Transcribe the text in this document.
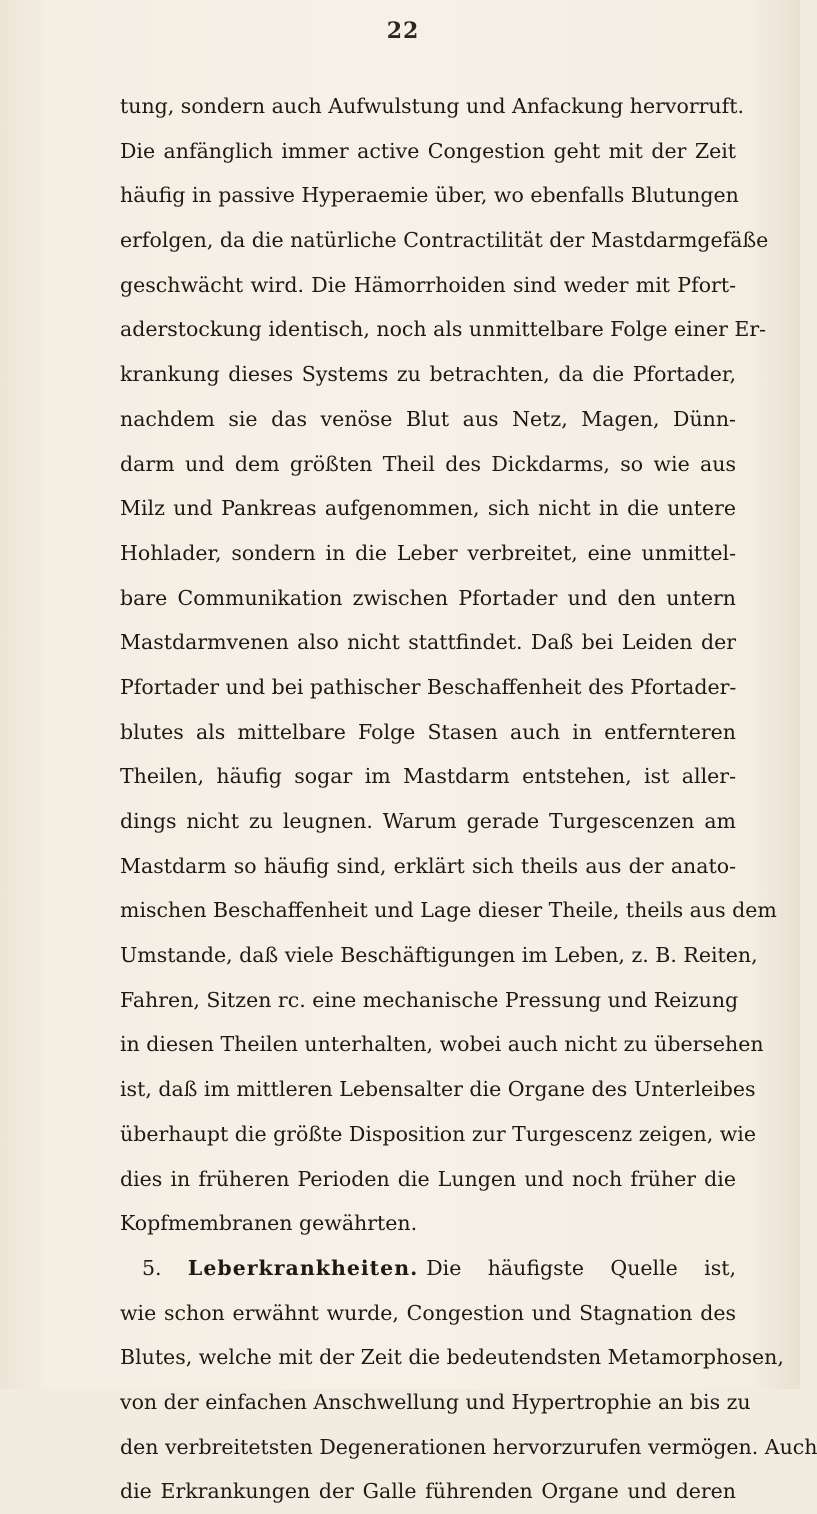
22
tung, sondern auch Aufwulstung und Anfackung hervorruft.
Die anfänglich immer active Congestion geht mit der Zeit
häufig in passive Hyperaemie über, wo ebenfalls Blutungen
erfolgen, da die natürliche Contractilität der Mastdarmgefäße
geschwächt wird. Die Hämorrhoiden sind weder mit Pfort-
aderstockung identisch, noch als unmittelbare Folge einer Er-
krankung dieses Systems zu betrachten, da die Pfortader,
nachdem sie das venöse Blut aus Netz, Magen, Dünn-
darm und dem größten Theil des Dickdarms, so wie aus
Milz und Pankreas aufgenommen, sich nicht in die untere
Hohlader, sondern in die Leber verbreitet, eine unmittel-
bare Communikation zwischen Pfortader und den untern
Mastdarmvenen also nicht stattfindet. Daß bei Leiden der
Pfortader und bei pathischer Beschaffenheit des Pfortader-
blutes als mittelbare Folge Stasen auch in entfernteren
Theilen, häufig sogar im Mastdarm entstehen, ist aller-
dings nicht zu leugnen. Warum gerade Turgescenzen am
Mastdarm so häufig sind, erklärt sich theils aus der anato-
mischen Beschaffenheit und Lage dieser Theile, theils aus dem
Umstande, daß viele Beschäftigungen im Leben, z. B. Reiten,
Fahren, Sitzen rc. eine mechanische Pressung und Reizung
in diesen Theilen unterhalten, wobei auch nicht zu übersehen
ist, daß im mittleren Lebensalter die Organe des Unterleibes
überhaupt die größte Disposition zur Turgescenz zeigen, wie
dies in früheren Perioden die Lungen und noch früher die
Kopfmembranen gewährten.
5. Leberkrankheiten. Die häufigste Quelle ist,
wie schon erwähnt wurde, Congestion und Stagnation des
Blutes, welche mit der Zeit die bedeutendsten Metamorphosen,
von der einfachen Anschwellung und Hypertrophie an bis zu
den verbreitetsten Degenerationen hervorzurufen vermögen. Auch
die Erkrankungen der Galle führenden Organe und deren
